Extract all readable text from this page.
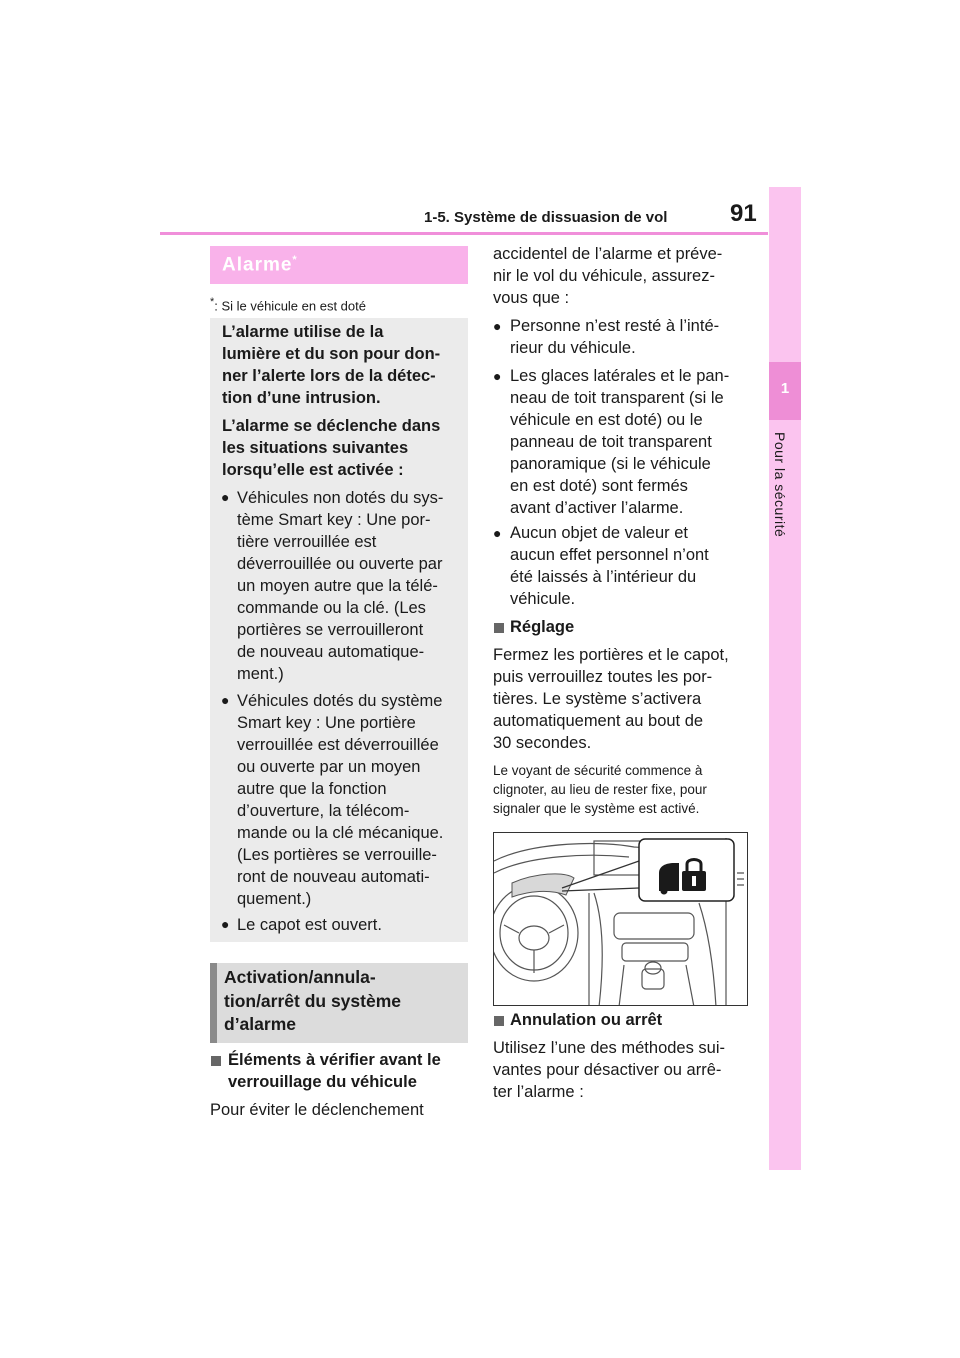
1-5. Système de dissuasion de vol	91
1
Pour la sécurité
Alarme*
*: Si le véhicule en est doté
L’alarme utilise de la
lumière et du son pour don-
ner l’alerte lors de la détec-
tion d’une intrusion.
L’alarme se déclenche dans
les situations suivantes
lorsqu’elle est activée :
● Véhicules non dotés du sys-
tème Smart key : Une por-
tière verrouillée est
déverrouillée ou ouverte par
un moyen autre que la télé-
commande ou la clé. (Les
portières se verrouilleront
de nouveau automatique-
ment.)
● Véhicules dotés du système
Smart key : Une portière
verrouillée est déverrouillée
ou ouverte par un moyen
autre que la fonction
d’ouverture, la télécom-
mande ou la clé mécanique.
(Les portières se verrouille-
ront de nouveau automati-
quement.)
● Le capot est ouvert.
Activation/annula-
tion/arrêt du système
d’alarme
Éléments à vérifier avant le
verrouillage du véhicule
Pour éviter le déclenchement
accidentel de l’alarme et préve-
nir le vol du véhicule, assurez-
vous que :
● Personne n’est resté à l’inté-
rieur du véhicule.
● Les glaces latérales et le pan-
neau de toit transparent (si le
véhicule en est doté) ou le
panneau de toit transparent
panoramique (si le véhicule
en est doté) sont fermés
avant d’activer l’alarme.
● Aucun objet de valeur et
aucun effet personnel n’ont
été laissés à l’intérieur du
véhicule.
Réglage
Fermez les portières et le capot,
puis verrouillez toutes les por-
tières. Le système s’activera
automatiquement au bout de
30 secondes.
Le voyant de sécurité commence à
clignoter, au lieu de rester fixe, pour
signaler que le système est activé.
Annulation ou arrêt
Utilisez l’une des méthodes sui-
vantes pour désactiver ou arrê-
ter l’alarme :
